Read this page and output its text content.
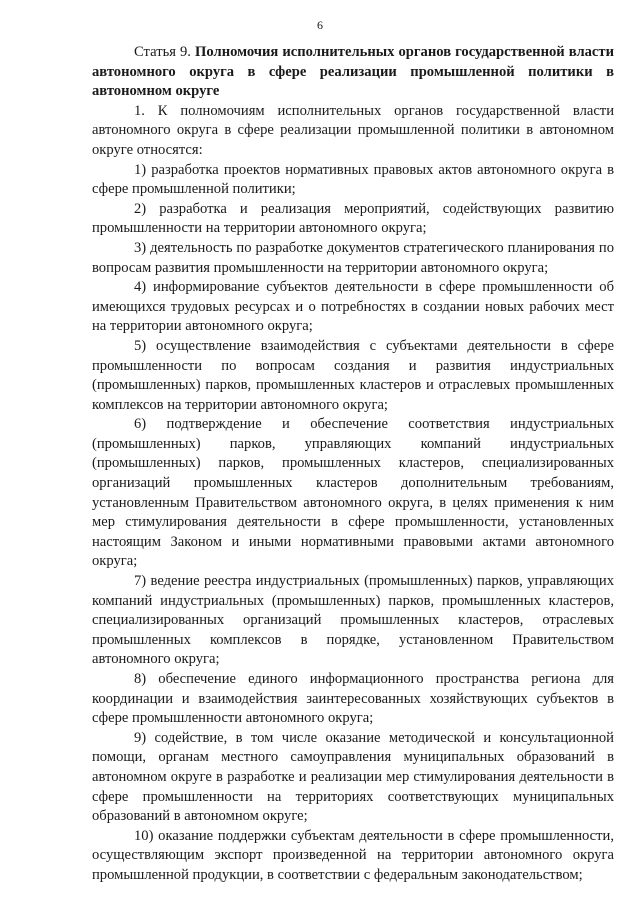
6

Статья 9. Полномочия исполнительных органов государственной власти автономного округа в сфере реализации промышленной политики в автономном округе

1. К полномочиям исполнительных органов государственной власти автономного округа в сфере реализации промышленной политики в автономном округе относятся:

1) разработка проектов нормативных правовых актов автономного округа в сфере промышленной политики;

2) разработка и реализация мероприятий, содействующих развитию промышленности на территории автономного округа;

3) деятельность по разработке документов стратегического планирования по вопросам развития промышленности на территории автономного округа;

4) информирование субъектов деятельности в сфере промышленности об имеющихся трудовых ресурсах и о потребностях в создании новых рабочих мест на территории автономного округа;

5) осуществление взаимодействия с субъектами деятельности в сфере промышленности по вопросам создания и развития индустриальных (промышленных) парков, промышленных кластеров и отраслевых промышленных комплексов на территории автономного округа;

6) подтверждение и обеспечение соответствия индустриальных (промышленных) парков, управляющих компаний индустриальных (промышленных) парков, промышленных кластеров, специализированных организаций промышленных кластеров дополнительным требованиям, установленным Правительством автономного округа, в целях применения к ним мер стимулирования деятельности в сфере промышленности, установленных настоящим Законом и иными нормативными правовыми актами автономного округа;

7) ведение реестра индустриальных (промышленных) парков, управляющих компаний индустриальных (промышленных) парков, промышленных кластеров, специализированных организаций промышленных кластеров, отраслевых промышленных комплексов в порядке, установленном Правительством автономного округа;

8) обеспечение единого информационного пространства региона для координации и взаимодействия заинтересованных хозяйствующих субъектов в сфере промышленности автономного округа;

9) содействие, в том числе оказание методической и консультационной помощи, органам местного самоуправления муниципальных образований в автономном округе в разработке и реализации мер стимулирования деятельности в сфере промышленности на территориях соответствующих муниципальных образований в автономном округе;

10) оказание поддержки субъектам деятельности в сфере промышленности, осуществляющим экспорт произведенной на территории автономного округа промышленной продукции, в соответствии с федеральным законодательством;
